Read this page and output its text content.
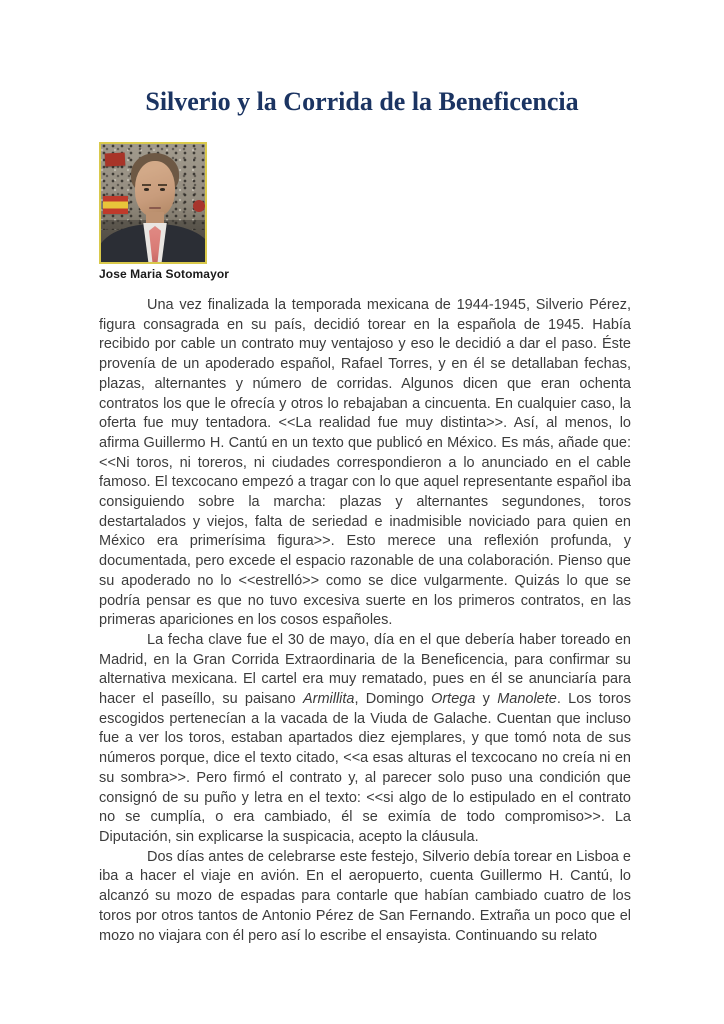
Silverio y la Corrida de la Beneficencia
Jose Maria Sotomayor

Una vez finalizada la temporada mexicana de 1944-1945, Silverio Pérez, figura consagrada en su país, decidió torear en la española de 1945. Había recibido por cable un contrato muy ventajoso y eso le decidió a dar el paso. Éste provenía de un apoderado español, Rafael Torres, y en él se detallaban fechas, plazas, alternantes y número de corridas. Algunos dicen que eran ochenta contratos los que le ofrecía y otros lo rebajaban a cincuenta. En cualquier caso, la oferta fue muy tentadora. <<La realidad fue muy distinta>>. Así, al menos, lo afirma Guillermo H. Cantú en un texto que publicó en México. Es más, añade que: <<Ni toros, ni toreros, ni ciudades correspondieron a lo anunciado en el cable famoso. El texcocano empezó a tragar con lo que aquel representante español iba consiguiendo sobre la marcha: plazas y alternantes segundones, toros destartalados y viejos, falta de seriedad e inadmisible noviciado para quien en México era primerísima figura>>. Esto merece una reflexión profunda, y documentada, pero excede el espacio razonable de una colaboración. Pienso que su apoderado no lo <<estrelló>> como se dice vulgarmente. Quizás lo que se podría pensar es que no tuvo excesiva suerte en los primeros contratos, en las primeras apariciones en los cosos españoles.

La fecha clave fue el 30 de mayo, día en el que debería haber toreado en Madrid, en la Gran Corrida Extraordinaria de la Beneficencia, para confirmar su alternativa mexicana. El cartel era muy rematado, pues en él se anunciaría para hacer el paseíllo, su paisano Armillita, Domingo Ortega y Manolete. Los toros escogidos pertenecían a la vacada de la Viuda de Galache. Cuentan que incluso fue a ver los toros, estaban apartados diez ejemplares, y que tomó nota de sus números porque, dice el texto citado, <<a esas alturas el texcocano no creía ni en su sombra>>. Pero firmó el contrato y, al parecer solo puso una condición que consignó de su puño y letra en el texto: <<si algo de lo estipulado en el contrato no se cumplía, o era cambiado, él se eximía de todo compromiso>>. La Diputación, sin explicarse la suspicacia, acepto la cláusula.

Dos días antes de celebrarse este festejo, Silverio debía torear en Lisboa e iba a hacer el viaje en avión. En el aeropuerto, cuenta Guillermo H. Cantú, lo alcanzó su mozo de espadas para contarle que habían cambiado cuatro de los toros por otros tantos de Antonio Pérez de San Fernando. Extraña un poco que el mozo no viajara con él pero así lo escribe el ensayista. Continuando su relato
